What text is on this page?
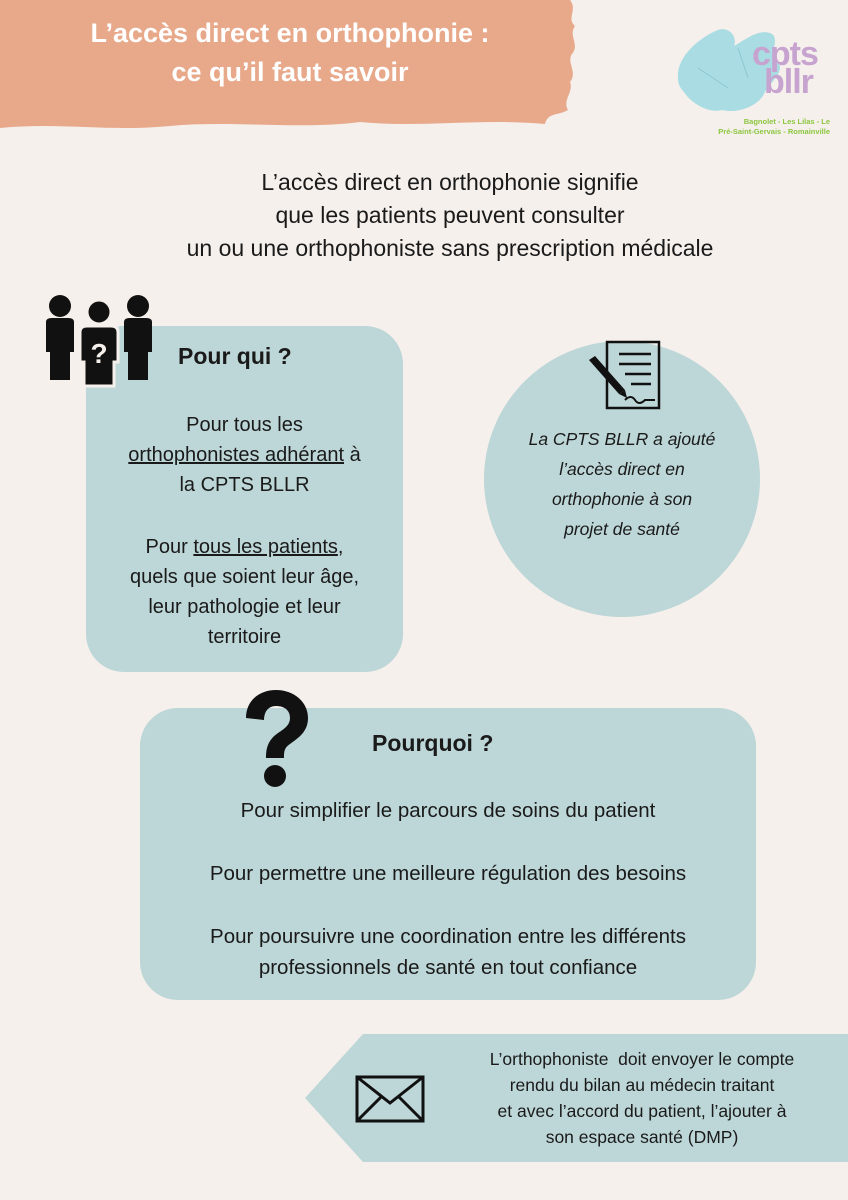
L’accès direct en orthophonie :
ce qu’il faut savoir	cpts
bllr
Bagnolet - Les Lilas - Le
Pré-Saint-Gervais - Romainville
L’accès direct en orthophonie signifie
que les patients peuvent consulter
un ou une orthophoniste sans prescription médicale
?	Pour qui ?

Pour tous les
orthophonistes adhérant à
la CPTS BLLR

Pour tous les patients,
quels que soient leur âge,
leur pathologie et leur
territoire

La CPTS BLLR a ajouté
l’accès direct en
orthophonie à son
projet de santé
Pourquoi ?

Pour simplifier le parcours de soins du patient

Pour permettre une meilleure régulation des besoins

Pour poursuivre une coordination entre les différents
professionnels de santé en tout confiance

L’orthophoniste  doit envoyer le compte
rendu du bilan au médecin traitant
et avec l’accord du patient, l’ajouter à
son espace santé (DMP)
